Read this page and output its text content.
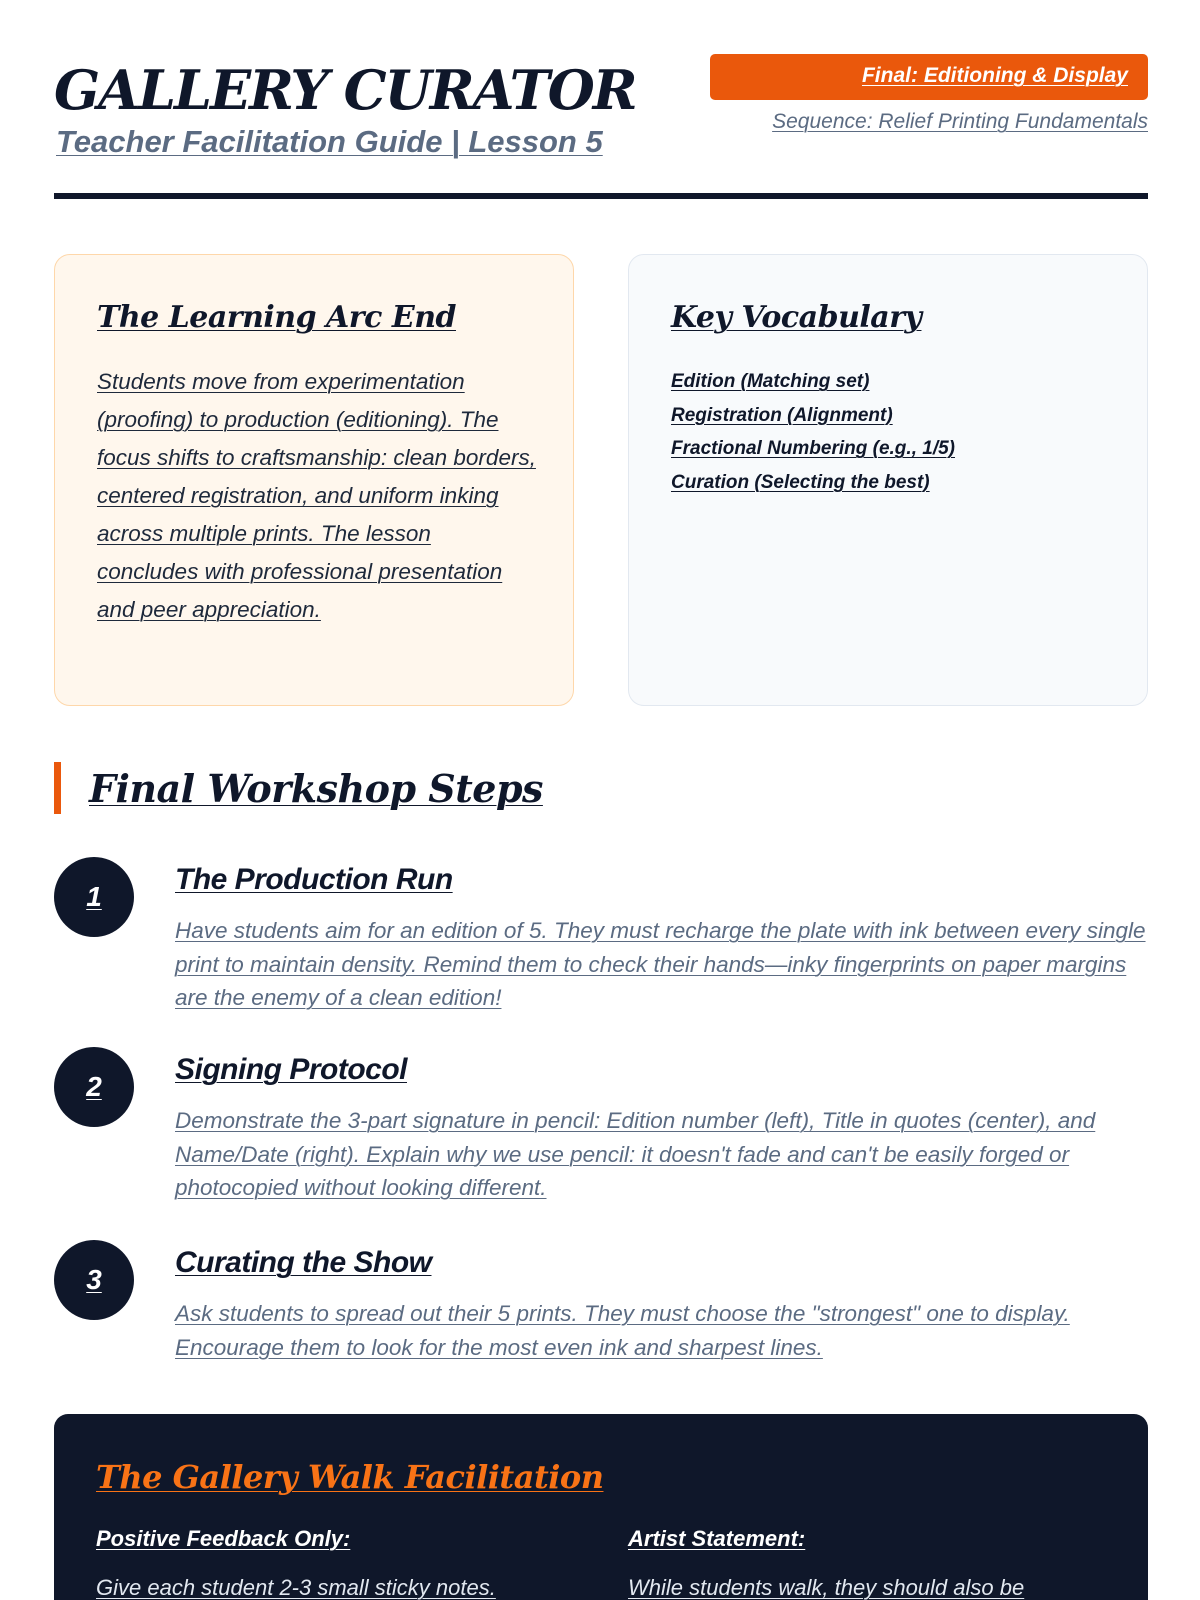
GALLERY CURATOR
Teacher Facilitation Guide | Lesson 5
Final: Editioning & Display
Sequence: Relief Printing Fundamentals
The Learning Arc End

Students move from experimentation (proofing) to production (editioning). The focus shifts to craftsmanship: clean borders, centered registration, and uniform inking across multiple prints. The lesson concludes with professional presentation and peer appreciation.

Key Vocabulary
Edition (Matching set)
Registration (Alignment)
Fractional Numbering (e.g., 1/5)
Curation (Selecting the best)
Final Workshop Steps
1
The Production Run

Have students aim for an edition of 5. They must recharge the plate with ink between every single print to maintain density. Remind them to check their hands—inky fingerprints on paper margins are the enemy of a clean edition!

2
Signing Protocol

Demonstrate the 3-part signature in pencil: Edition number (left), Title in quotes (center), and Name/Date (right). Explain why we use pencil: it doesn't fade and can't be easily forged or photocopied without looking different.

3
Curating the Show

Ask students to spread out their 5 prints. They must choose the "strongest" one to display. Encourage them to look for the most even ink and sharpest lines.

The Gallery Walk Facilitation
Positive Feedback Only:

Give each student 2-3 small sticky notes.

Artist Statement:

While students walk, they should also be
